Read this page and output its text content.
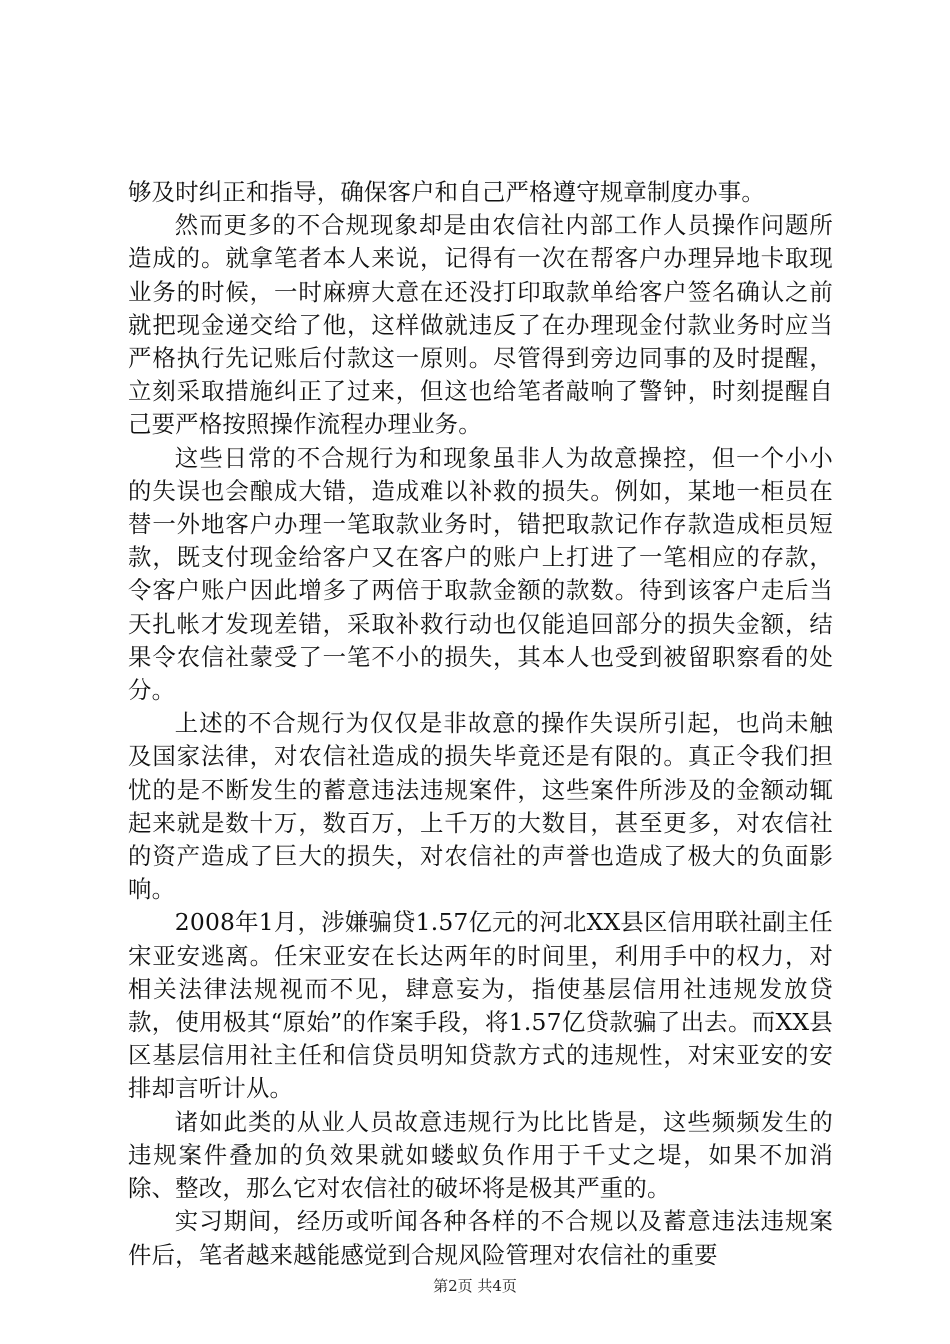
够及时纠正和指导，确保客户和自己严格遵守规章制度办事。

然而更多的不合规现象却是由农信社内部工作人员操作问题所造成的。就拿笔者本人来说，记得有一次在帮客户办理异地卡取现业务的时候，一时麻痹大意在还没打印取款单给客户签名确认之前就把现金递交给了他，这样做就违反了在办理现金付款业务时应当严格执行先记账后付款这一原则。尽管得到旁边同事的及时提醒，立刻采取措施纠正了过来，但这也给笔者敲响了警钟，时刻提醒自己要严格按照操作流程办理业务。

这些日常的不合规行为和现象虽非人为故意操控，但一个小小的失误也会酿成大错，造成难以补救的损失。例如，某地一柜员在替一外地客户办理一笔取款业务时，错把取款记作存款造成柜员短款，既支付现金给客户又在客户的账户上打进了一笔相应的存款，令客户账户因此增多了两倍于取款金额的款数。待到该客户走后当天扎帐才发现差错，采取补救行动也仅能追回部分的损失金额，结果令农信社蒙受了一笔不小的损失，其本人也受到被留职察看的处分。

上述的不合规行为仅仅是非故意的操作失误所引起，也尚未触及国家法律，对农信社造成的损失毕竟还是有限的。真正令我们担忧的是不断发生的蓄意违法违规案件，这些案件所涉及的金额动辄起来就是数十万，数百万，上千万的大数目，甚至更多，对农信社的资产造成了巨大的损失，对农信社的声誉也造成了极大的负面影响。

2008年1月，涉嫌骗贷1.57亿元的河北XX县区信用联社副主任宋亚安逃离。任宋亚安在长达两年的时间里，利用手中的权力，对相关法律法规视而不见，肆意妄为，指使基层信用社违规发放贷款，使用极其“原始”的作案手段，将1.57亿贷款骗了出去。而XX县区基层信用社主任和信贷员明知贷款方式的违规性，对宋亚安的安排却言听计从。

诸如此类的从业人员故意违规行为比比皆是，这些频频发生的违规案件叠加的负效果就如蝼蚁负作用于千丈之堤，如果不加消除、整改，那么它对农信社的破坏将是极其严重的。

实习期间，经历或听闻各种各样的不合规以及蓄意违法违规案件后，笔者越来越能感觉到合规风险管理对农信社的重要

第2页 共4页
